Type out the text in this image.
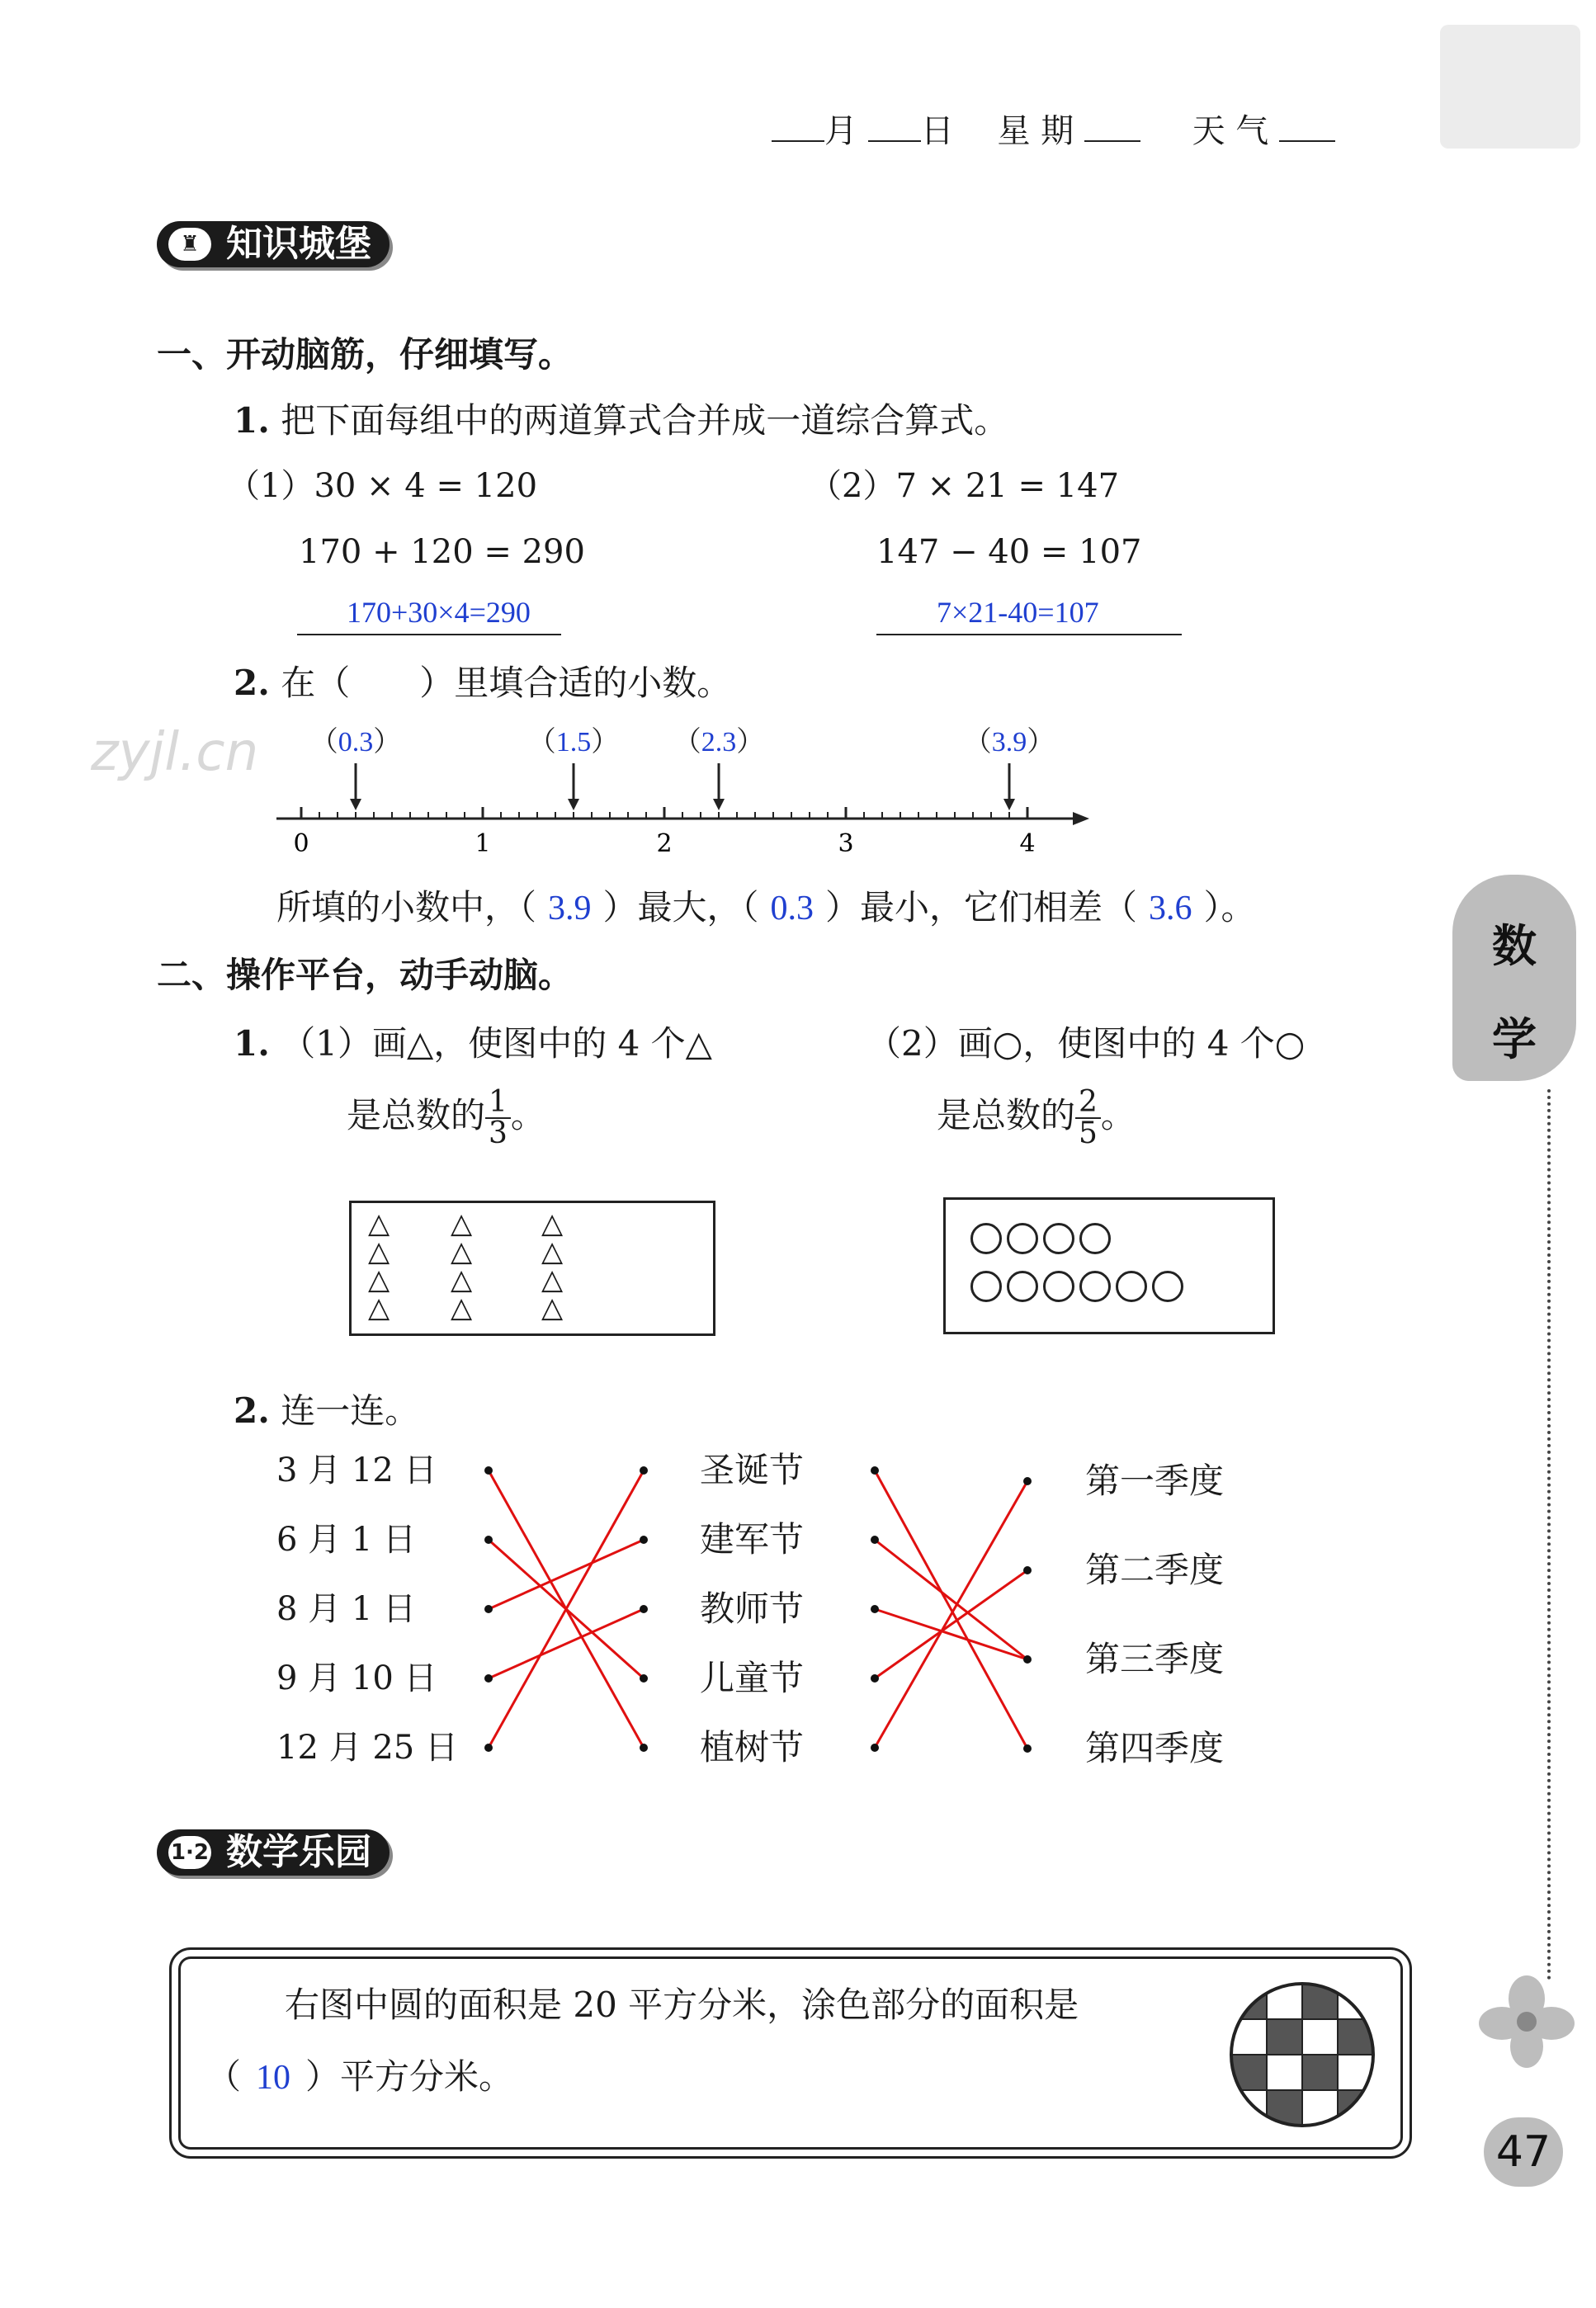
月 日 星 期	天 气
♜ 知识城堡
一、开动脑筋，仔细填写。
1. 把下面每组中的两道算式合并成一道综合算式。
（1）30 × 4 = 120
170 + 120 = 290
170+30×4=290
（2）7 × 21 = 147
147 − 40 = 107
7×21-40=107
2. 在（　　）里填合适的小数。
zyjl.cn （0.3）	（1.5） （2.3）	（3.9）
0	1	2	3	4
所填的小数中，（ 3.9 ）最大，（ 0.3 ）最小，它们相差（ 3.6 ）。
二、操作平台，动手动脑。
1. （1）画△，使图中的 4 个△
是总数的 $\frac{1}{3}$ 。
（2）画○，使图中的 4 个○
是总数的 $\frac{2}{5}$ 。
△
△
△
△
△
△
△
△
△
△
△
△
2. 连一连。
3 月 12 日
6 月 1 日
8 月 1 日
9 月 10 日
12 月 25 日
圣诞节
建军节
教师节
儿童节
植树节
第一季度
第二季度
第三季度
第四季度
1·2 数学乐园
右图中圆的面积是 20 平方分米，涂色部分的面积是
（ 10 ）平方分米。
数
学
47
